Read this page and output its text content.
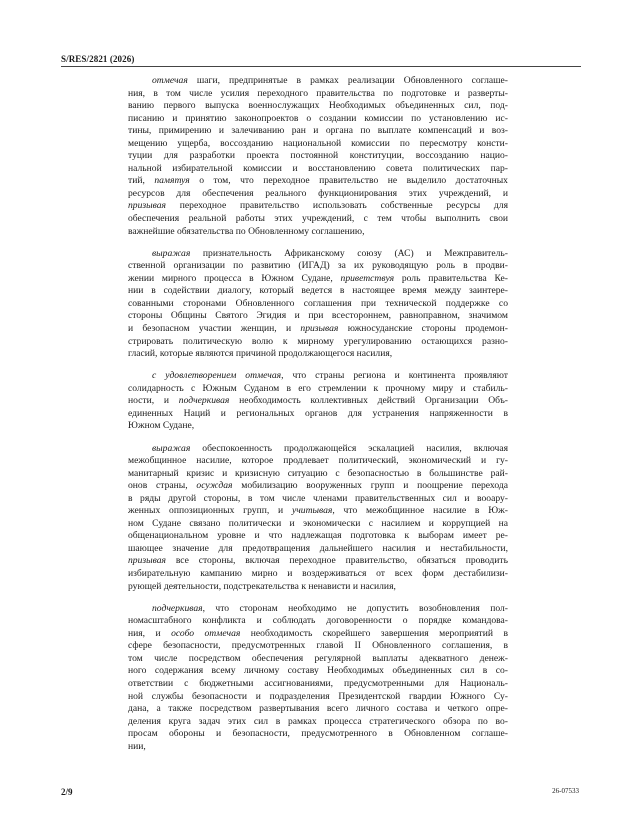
S/RES/2821 (2026)
отмечая шаги, предпринятые в рамках реализации Обновленного соглаше-
ния, в том числе усилия переходного правительства по подготовке и разверты-
ванию первого выпуска военнослужащих Необходимых объединенных сил, под-
писанию и принятию законопроектов о создании комиссии по установлению ис-
тины, примирению и залечиванию ран и органа по выплате компенсаций и воз-
мещению ущерба, воссозданию национальной комиссии по пересмотру консти-
туции для разработки проекта постоянной конституции, воссозданию нацио-
нальной избирательной комиссии и восстановлению совета политических пар-
тий, памятуя о том, что переходное правительство не выделило достаточных
ресурсов для обеспечения реального функционирования этих учреждений, и
призывая переходное правительство использовать собственные ресурсы для
обеспечения реальной работы этих учреждений, с тем чтобы выполнить свои
важнейшие обязательства по Обновленному соглашению,
выражая признательность Африканскому союзу (АС) и Межправитель-
ственной организации по развитию (ИГАД) за их руководящую роль в продви-
жении мирного процесса в Южном Судане, приветствуя роль правительства Ке-
нии в содействии диалогу, который ведется в настоящее время между заинтере-
сованными сторонами Обновленного соглашения при технической поддержке со
стороны Общины Святого Эгидия и при всестороннем, равноправном, значимом
и безопасном участии женщин, и призывая южносуданские стороны продемон-
стрировать политическую волю к мирному урегулированию остающихся разно-
гласий, которые являются причиной продолжающегося насилия,
с удовлетворением отмечая, что страны региона и континента проявляют
солидарность с Южным Суданом в его стремлении к прочному миру и стабиль-
ности, и подчеркивая необходимость коллективных действий Организации Объ-
единенных Наций и региональных органов для устранения напряженности в
Южном Судане,
выражая обеспокоенность продолжающейся эскалацией насилия, включая
межобщинное насилие, которое продлевает политический, экономический и гу-
манитарный кризис и кризисную ситуацию с безопасностью в большинстве рай-
онов страны, осуждая мобилизацию вооруженных групп и поощрение перехода
в ряды другой стороны, в том числе членами правительственных сил и вооару-
женных оппозиционных групп, и учитывая, что межобщинное насилие в Юж-
ном Судане связано политически и экономически с насилием и коррупцией на
общенациональном уровне и что надлежащая подготовка к выборам имеет ре-
шающее значение для предотвращения дальнейшего насилия и нестабильности,
призывая все стороны, включая переходное правительство, обязаться проводить
избирательную кампанию мирно и воздерживаться от всех форм дестабилизи-
рующей деятельности, подстрекательства к ненависти и насилия,
подчеркивая, что сторонам необходимо не допустить возобновления пол-
номасштабного конфликта и соблюдать договоренности о порядке командова-
ния, и особо отмечая необходимость скорейшего завершения мероприятий в
сфере безопасности, предусмотренных главой II Обновленного соглашения, в
том числе посредством обеспечения регулярной выплаты адекватного денеж-
ного содержания всему личному составу Необходимых объединенных сил в со-
ответствии с бюджетными ассигнованиями, предусмотренными для Националь-
ной службы безопасности и подразделения Президентской гвардии Южного Су-
дана, а также посредством развертывания всего личного состава и четкого опре-
деления круга задач этих сил в рамках процесса стратегического обзора по во-
просам обороны и безопасности, предусмотренного в Обновленном соглаше-
нии,
2/9	26-07533
